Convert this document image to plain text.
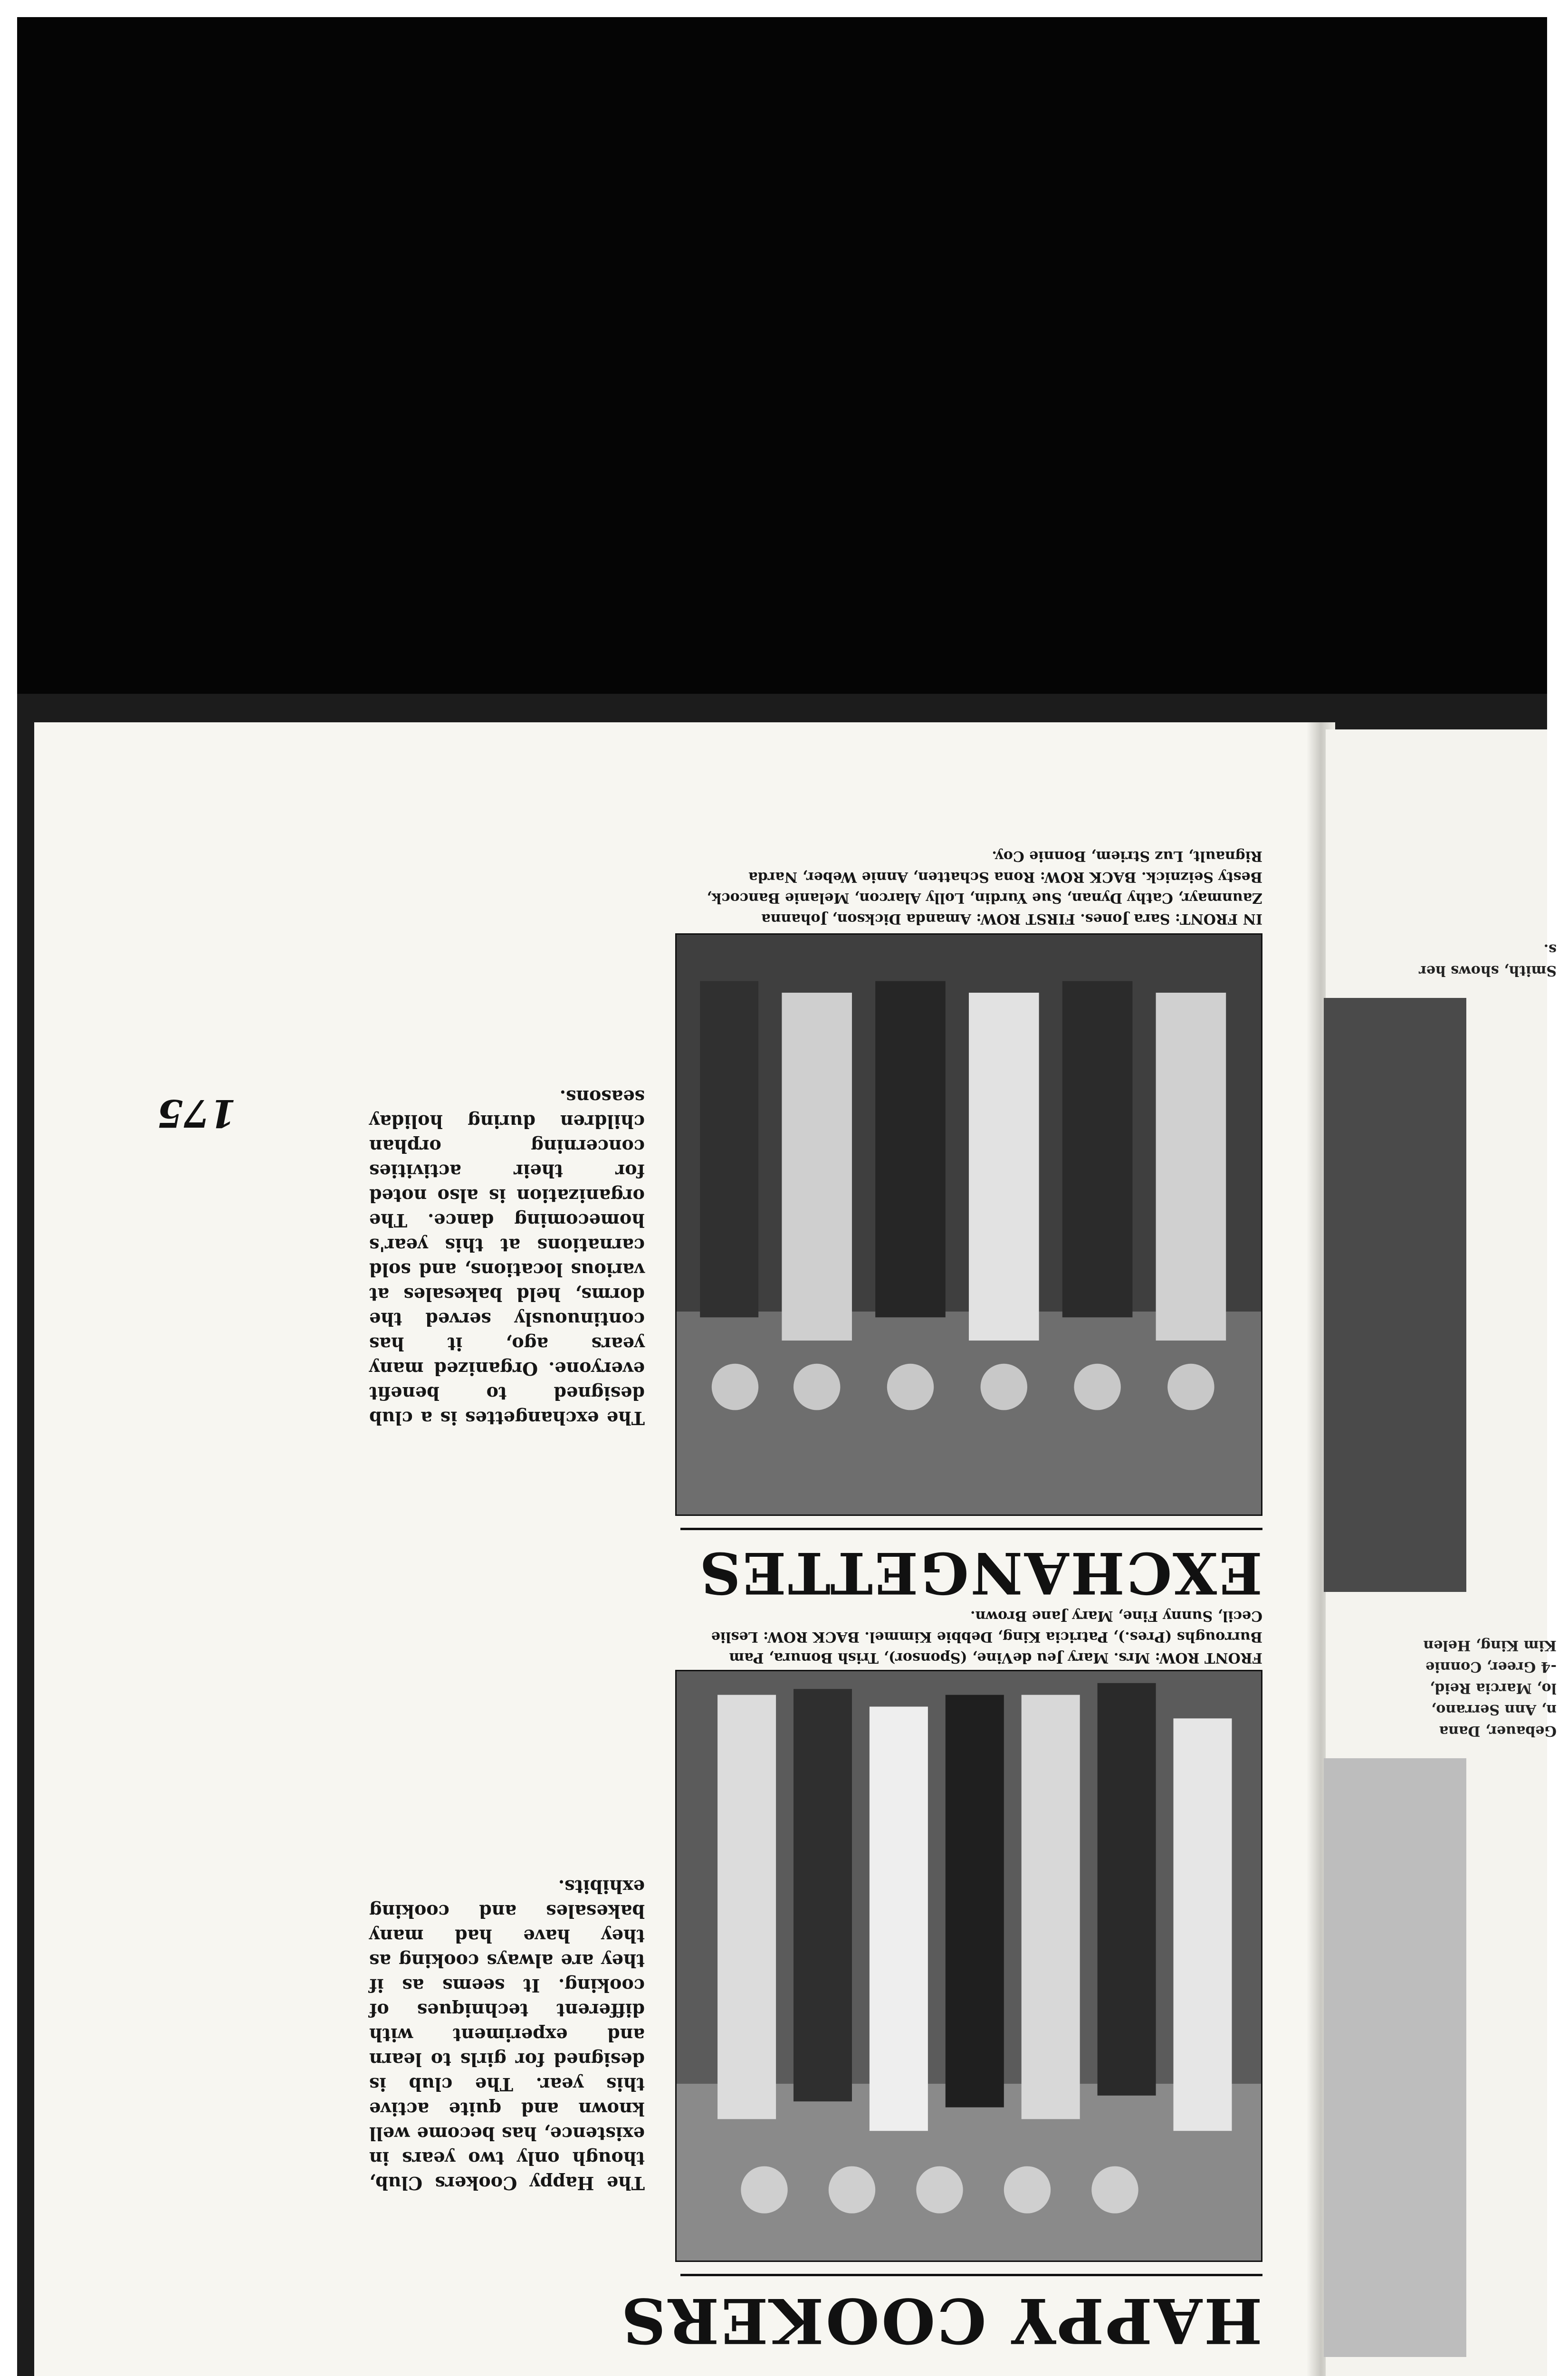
Gebauer, Dana

n, Ann Serrano,

lo, Marcia Reid,

-4 Greer, Connie

Kim King, Helen

Smith, shows her

s.

HAPPY COOKERS

FRONT ROW: Mrs. Mary Jeu deVine, (Sponsor), Trish Bonura, Pam Burroughs (Pres.), Patricia King, Debbie Kimmel. BACK ROW: Leslie Cecil, Sunny Fine, Mary Jane Brown.

The Happy Cookers Club, though only two years in existence, has become well known and quite active this year. The club is designed for girls to learn and experiment with different techniques of cooking. It seems as if they are always cooking as they have had many bakesales and cooking exhibits.

EXCHANGETTES

IN FRONT: Sara Jones. FIRST ROW: Amanda Dickson, Johanna Zaunmayr, Cathy Dynan, Sue Yurdin, Lolly Alarcon, Melanie Bancock, Besty Seiznick. BACK ROW: Rona Schatten, Annie Weber, Narda Rignault, Luz Striem, Bonnie Coy.

The exchangettes is a club designed to benefit everyone. Organized many years ago, it has continuously served the dorms, held bakesales at various locations, and sold carnations at this year's homecoming dance. The organization is also noted for their activities concerning orphan children during holiday seasons.

175
